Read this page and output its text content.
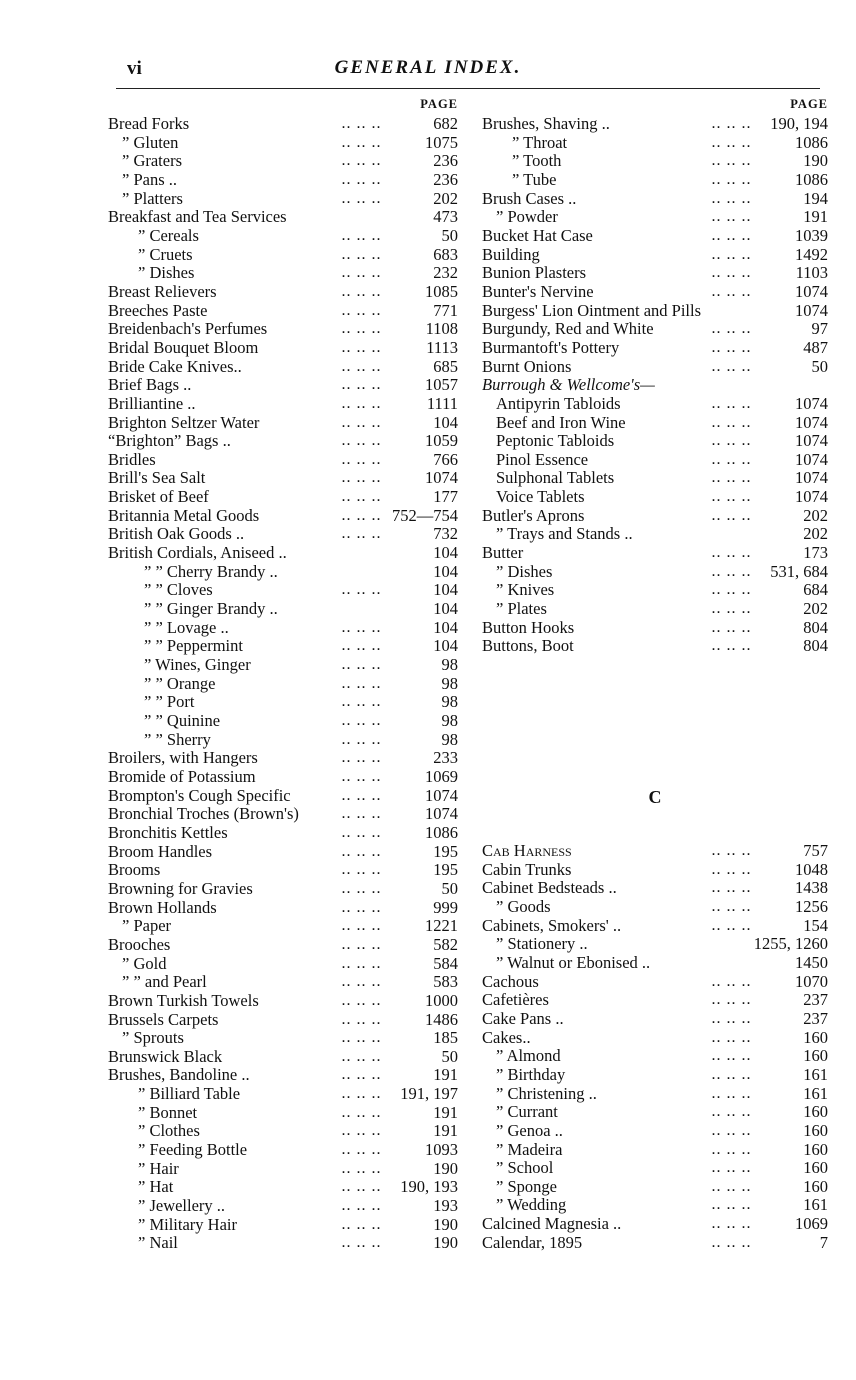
vi	GENERAL INDEX.
PAGE
Bread Forks	.. .. ..	682
” Gluten	.. .. ..	1075
” Graters	.. .. ..	236
” Pans ..	.. .. ..	236
” Platters	.. .. ..	202
Breakfast and Tea Services	473
” Cereals	.. .. ..	50
” Cruets	.. .. ..	683
” Dishes	.. .. ..	232
Breast Relievers	.. .. ..	1085
Breeches Paste	.. .. ..	771
Breidenbach's Perfumes	.. .. ..	1108
Bridal Bouquet Bloom	.. .. ..	1113
Bride Cake Knives..	.. .. ..	685
Brief Bags ..	.. .. ..	1057
Brilliantine ..	.. .. ..	1111
Brighton Seltzer Water	.. .. ..	104
“Brighton” Bags ..	.. .. ..	1059
Bridles	.. .. ..	766
Brill's Sea Salt	.. .. ..	1074
Brisket of Beef	.. .. ..	177
Britannia Metal Goods	.. .. .. 752—754
British Oak Goods ..	.. .. ..	732
British Cordials, Aniseed ..	104
” ” Cherry Brandy ..	104
” ” Cloves	.. .. ..	104
” ” Ginger Brandy ..	104
” ” Lovage ..	.. .. ..	104
” ” Peppermint	.. .. ..	104
” Wines, Ginger	.. .. ..	98
” ” Orange	.. .. ..	98
” ” Port	.. .. ..	98
” ” Quinine	.. .. ..	98
” ” Sherry	.. .. ..	98
Broilers, with Hangers	.. .. ..	233
Bromide of Potassium	.. .. ..	1069
Brompton's Cough Specific	.. .. ..	1074
Bronchial Troches (Brown's)	.. .. ..	1074
Bronchitis Kettles	.. .. ..	1086
Broom Handles	.. .. ..	195
Brooms	.. .. ..	195
Browning for Gravies	.. .. ..	50
Brown Hollands	.. .. ..	999
” Paper	.. .. ..	1221
Brooches	.. .. ..	582
” Gold	.. .. ..	584
” ” and Pearl	.. .. ..	583
Brown Turkish Towels	.. .. ..	1000
Brussels Carpets	.. .. ..	1486
” Sprouts	.. .. ..	185
Brunswick Black	.. .. ..	50
Brushes, Bandoline ..	.. .. ..	191
” Billiard Table	.. .. .. 191, 197
” Bonnet	.. .. ..	191
” Clothes	.. .. ..	191
” Feeding Bottle	.. .. ..	1093
” Hair	.. .. ..	190
” Hat	.. .. .. 190, 193
” Jewellery ..	.. .. ..	193
” Military Hair	.. .. ..	190
” Nail	.. .. ..	190
PAGE
Brushes, Shaving ..	.. .. .. 190, 194
” Throat	.. .. ..	1086
” Tooth	.. .. ..	190
” Tube	.. .. ..	1086
Brush Cases ..	.. .. ..	194
” Powder	.. .. ..	191
Bucket Hat Case	.. .. ..	1039
Building	.. .. ..	1492
Bunion Plasters	.. .. ..	1103
Bunter's Nervine	.. .. ..	1074
Burgess' Lion Ointment and Pills	1074
Burgundy, Red and White	.. .. ..	97
Burmantoft's Pottery	.. .. ..	487
Burnt Onions	.. .. ..	50
Burrough & Wellcome's—
Antipyrin Tabloids	.. .. ..	1074
Beef and Iron Wine	.. .. ..	1074
Peptonic Tabloids	.. .. ..	1074
Pinol Essence	.. .. ..	1074
Sulphonal Tablets	.. .. ..	1074
Voice Tablets	.. .. ..	1074
Butler's Aprons	.. .. ..	202
” Trays and Stands ..	202
Butter	.. .. ..	173
” Dishes	.. .. .. 531, 684
” Knives	.. .. ..	684
” Plates	.. .. ..	202
Button Hooks	.. .. ..	804
Buttons, Boot	.. .. ..	804
C
Cab Harness	.. .. ..	757
Cabin Trunks	.. .. ..	1048
Cabinet Bedsteads ..	.. .. ..	1438
” Goods	.. .. ..	1256
Cabinets, Smokers' ..	.. .. ..	154
” Stationery ..	1255, 1260
” Walnut or Ebonised ..	1450
Cachous	.. .. ..	1070
Cafetières	.. .. ..	237
Cake Pans ..	.. .. ..	237
Cakes..	.. .. ..	160
” Almond	.. .. ..	160
” Birthday	.. .. ..	161
” Christening ..	.. .. ..	161
” Currant	.. .. ..	160
” Genoa ..	.. .. ..	160
” Madeira	.. .. ..	160
” School	.. .. ..	160
” Sponge	.. .. ..	160
” Wedding	.. .. ..	161
Calcined Magnesia ..	.. .. ..	1069
Calendar, 1895	.. .. ..	7
